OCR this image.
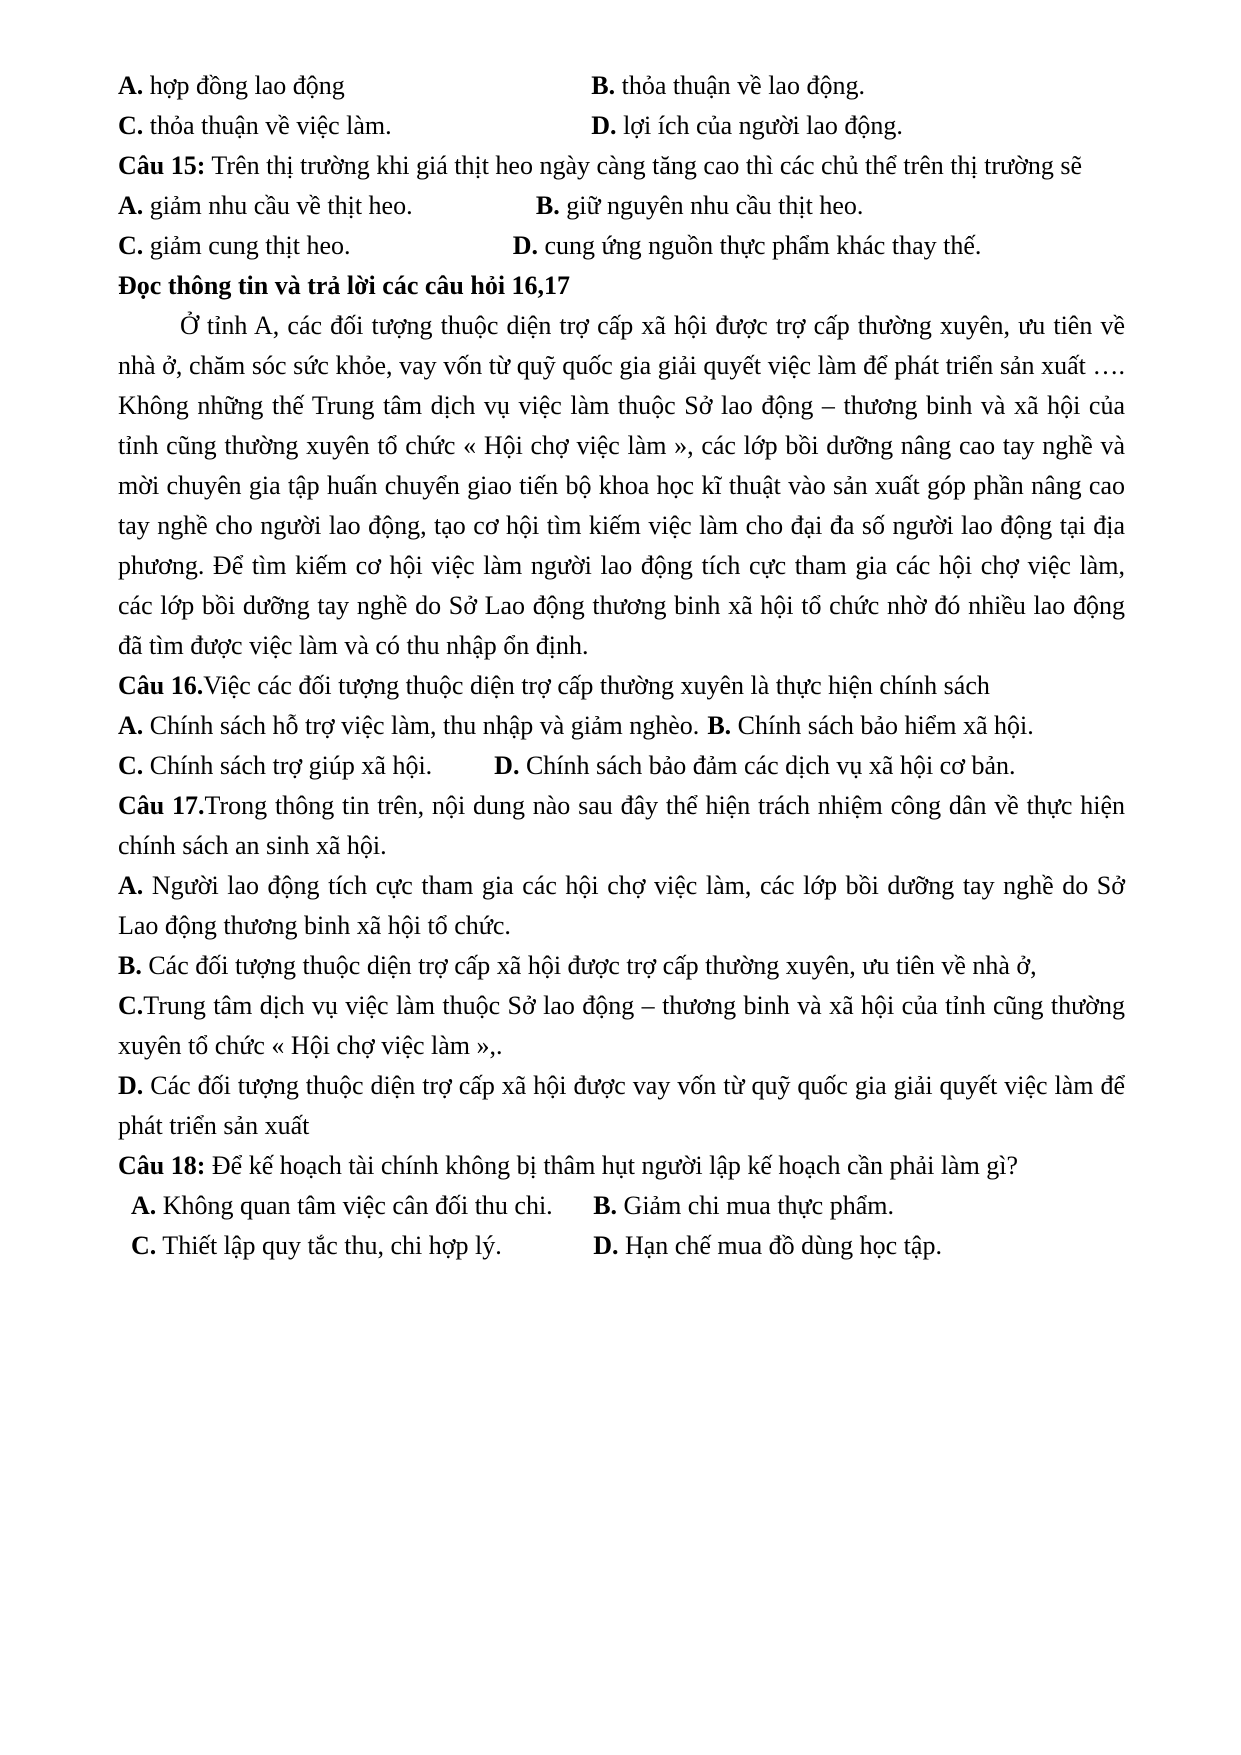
A. hợp đồng lao động	B. thỏa thuận về lao động.
C. thỏa thuận về việc làm.	D. lợi ích của người lao động.

Câu 15: Trên thị trường khi giá thịt heo ngày càng tăng cao thì các chủ thể trên thị trường sẽ

A. giảm nhu cầu về thịt heo.	B. giữ nguyên nhu cầu thịt heo.
C. giảm cung thịt heo.	D. cung ứng nguồn thực phẩm khác thay thế.

Đọc thông tin và trả lời các câu hỏi 16,17

Ở tỉnh A, các đối tượng thuộc diện trợ cấp xã hội được trợ cấp thường xuyên, ưu tiên về nhà ở, chăm sóc sức khỏe, vay vốn từ quỹ quốc gia giải quyết việc làm để phát triển sản xuất …. Không những thế Trung tâm dịch vụ việc làm thuộc Sở lao động – thương binh và xã hội của tỉnh cũng thường xuyên tổ chức « Hội chợ việc làm », các lớp bồi dưỡng nâng cao tay nghề và mời chuyên gia tập huấn chuyển giao tiến bộ khoa học kĩ thuật vào sản xuất góp phần nâng cao tay nghề cho người lao động, tạo cơ hội tìm kiếm việc làm cho đại đa số người lao động tại địa phương. Để tìm kiếm cơ hội việc làm người lao động tích cực tham gia các hội chợ việc làm, các lớp bồi dưỡng tay nghề do Sở Lao động thương binh xã hội tổ chức nhờ đó nhiều lao động đã tìm được việc làm và có thu nhập ổn định.

Câu 16.Việc các đối tượng thuộc diện trợ cấp thường xuyên là thực hiện chính sách

A. Chính sách hỗ trợ việc làm, thu nhập và giảm nghèo. B. Chính sách bảo hiểm xã hội.

C. Chính sách trợ giúp xã hội. D. Chính sách bảo đảm các dịch vụ xã hội cơ bản.

Câu 17.Trong thông tin trên, nội dung nào sau đây thể hiện trách nhiệm công dân về thực hiện chính sách an sinh xã hội.

A. Người lao động tích cực tham gia các hội chợ việc làm, các lớp bồi dưỡng tay nghề do Sở Lao động thương binh xã hội tổ chức.

B. Các đối tượng thuộc diện trợ cấp xã hội được trợ cấp thường xuyên, ưu tiên về nhà ở,

C.Trung tâm dịch vụ việc làm thuộc Sở lao động – thương binh và xã hội của tỉnh cũng thường xuyên tổ chức « Hội chợ việc làm »,.

D. Các đối tượng thuộc diện trợ cấp xã hội được vay vốn từ quỹ quốc gia giải quyết việc làm để phát triển sản xuất

Câu 18: Để kế hoạch tài chính không bị thâm hụt người lập kế hoạch cần phải làm gì?

A. Không quan tâm việc cân đối thu chi.	B. Giảm chi mua thực phẩm.
C. Thiết lập quy tắc thu, chi hợp lý.	D. Hạn chế mua đồ dùng học tập.
